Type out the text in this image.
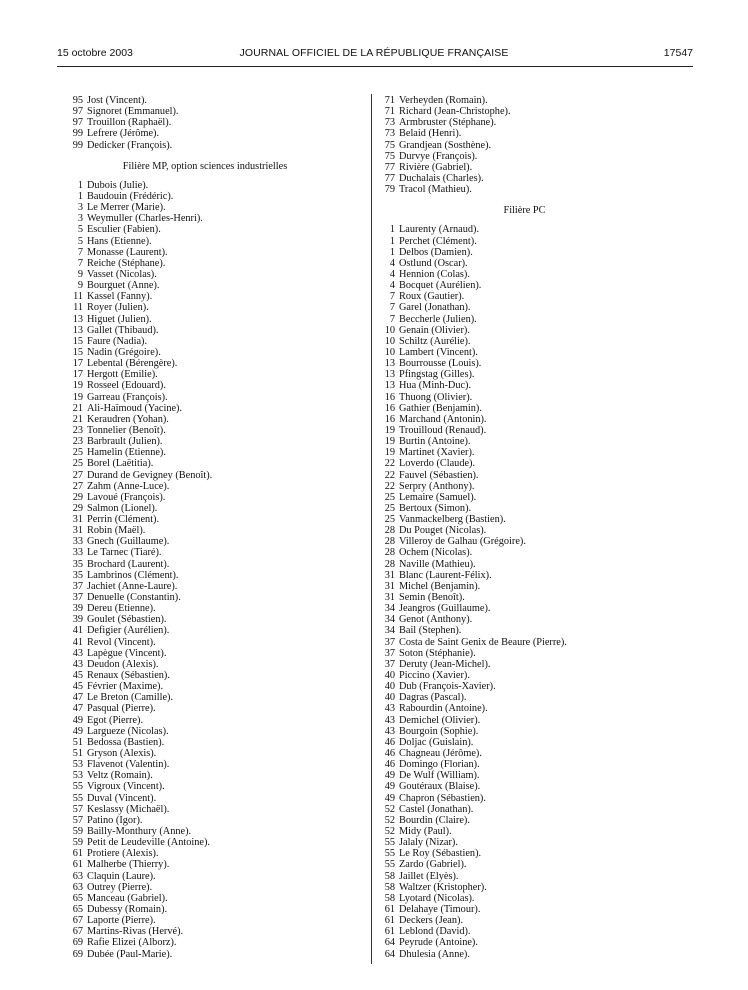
15 octobre 2003	JOURNAL OFFICIEL DE LA RÉPUBLIQUE FRANÇAISE	17547
95 Jost (Vincent).
97 Signoret (Emmanuel).
97 Trouillon (Raphaël).
99 Lefrere (Jérôme).
99 Dedicker (François).
Filière MP, option sciences industrielles
1 Dubois (Julie).
1 Baudouin (Frédéric).
3 Le Merrer (Marie).
3 Weymuller (Charles-Henri).
5 Esculier (Fabien).
5 Hans (Etienne).
7 Monasse (Laurent).
7 Reiche (Stéphane).
9 Vasset (Nicolas).
9 Bourguet (Anne).
11 Kassel (Fanny).
11 Royer (Julien).
13 Higuet (Julien).
13 Gallet (Thibaud).
15 Faure (Nadia).
15 Nadin (Grégoire).
17 Lebental (Bérengère).
17 Hergott (Emilie).
19 Rosseel (Edouard).
19 Garreau (François).
21 Ali-Haïmoud (Yacine).
21 Keraudren (Yohan).
23 Tonnelier (Benoît).
23 Barbrault (Julien).
25 Hamelin (Etienne).
25 Borel (Laëtitia).
27 Durand de Gevigney (Benoît).
27 Zahm (Anne-Luce).
29 Lavoué (François).
29 Salmon (Lionel).
31 Perrin (Clément).
31 Robin (Maël).
33 Gnech (Guillaume).
33 Le Tarnec (Tiaré).
35 Brochard (Laurent).
35 Lambrinos (Clément).
37 Jachiet (Anne-Laure).
37 Denuelle (Constantin).
39 Dereu (Etienne).
39 Goulet (Sébastien).
41 Defigier (Aurélien).
41 Revol (Vincent).
43 Lapègue (Vincent).
43 Deudon (Alexis).
45 Renaux (Sébastien).
45 Février (Maxime).
47 Le Breton (Camille).
47 Pasqual (Pierre).
49 Egot (Pierre).
49 Largueze (Nicolas).
51 Bedossa (Bastien).
51 Gryson (Alexis).
53 Flavenot (Valentin).
53 Veltz (Romain).
55 Vigroux (Vincent).
55 Duval (Vincent).
57 Keslassy (Michaël).
57 Patino (Igor).
59 Bailly-Monthury (Anne).
59 Petit de Leudeville (Antoine).
61 Protiere (Alexis).
61 Malherbe (Thierry).
63 Claquin (Laure).
63 Outrey (Pierre).
65 Manceau (Gabriel).
65 Dubessy (Romain).
67 Laporte (Pierre).
67 Martins-Rivas (Hervé).
69 Rafie Elizei (Alborz).
69 Dubée (Paul-Marie).
71 Verheyden (Romain).
71 Richard (Jean-Christophe).
73 Armbruster (Stéphane).
73 Belaid (Henri).
75 Grandjean (Sosthène).
75 Durvye (François).
77 Rivière (Gabriel).
77 Duchalais (Charles).
79 Tracol (Mathieu).
Filière PC
1 Laurenty (Arnaud).
1 Perchet (Clément).
1 Delbos (Damien).
4 Ostlund (Oscar).
4 Hennion (Colas).
4 Bocquet (Aurélien).
7 Roux (Gautier).
7 Garel (Jonathan).
7 Beccherle (Julien).
10 Genain (Olivier).
10 Schiltz (Aurélie).
10 Lambert (Vincent).
13 Bourrousse (Louis).
13 Pfingstag (Gilles).
13 Hua (Minh-Duc).
16 Thuong (Olivier).
16 Gathier (Benjamin).
16 Marchand (Antonin).
19 Trouilloud (Renaud).
19 Burtin (Antoine).
19 Martinet (Xavier).
22 Loverdo (Claude).
22 Fauvel (Sébastien).
22 Serpry (Anthony).
25 Lemaire (Samuel).
25 Bertoux (Simon).
25 Vanmackelberg (Bastien).
28 Du Pouget (Nicolas).
28 Villeroy de Galhau (Grégoire).
28 Ochem (Nicolas).
28 Naville (Mathieu).
31 Blanc (Laurent-Félix).
31 Michel (Benjamin).
31 Semin (Benoît).
34 Jeangros (Guillaume).
34 Genot (Anthony).
34 Bail (Stephen).
37 Costa de Saint Genix de Beaure (Pierre).
37 Soton (Stéphanie).
37 Deruty (Jean-Michel).
40 Piccino (Xavier).
40 Dub (François-Xavier).
40 Dagras (Pascal).
43 Rabourdin (Antoine).
43 Demichel (Olivier).
43 Bourgoin (Sophie).
46 Doljac (Guislain).
46 Chagneau (Jérôme).
46 Domingo (Florian).
49 De Wulf (William).
49 Goutéraux (Blaise).
49 Chapron (Sébastien).
52 Castel (Jonathan).
52 Bourdin (Claire).
52 Midy (Paul).
55 Jalaly (Nizar).
55 Le Roy (Sébastien).
55 Zardo (Gabriel).
58 Jaillet (Elyès).
58 Waltzer (Kristopher).
58 Lyotard (Nicolas).
61 Delahaye (Timour).
61 Deckers (Jean).
61 Leblond (David).
64 Peyrude (Antoine).
64 Dhulesia (Anne).
